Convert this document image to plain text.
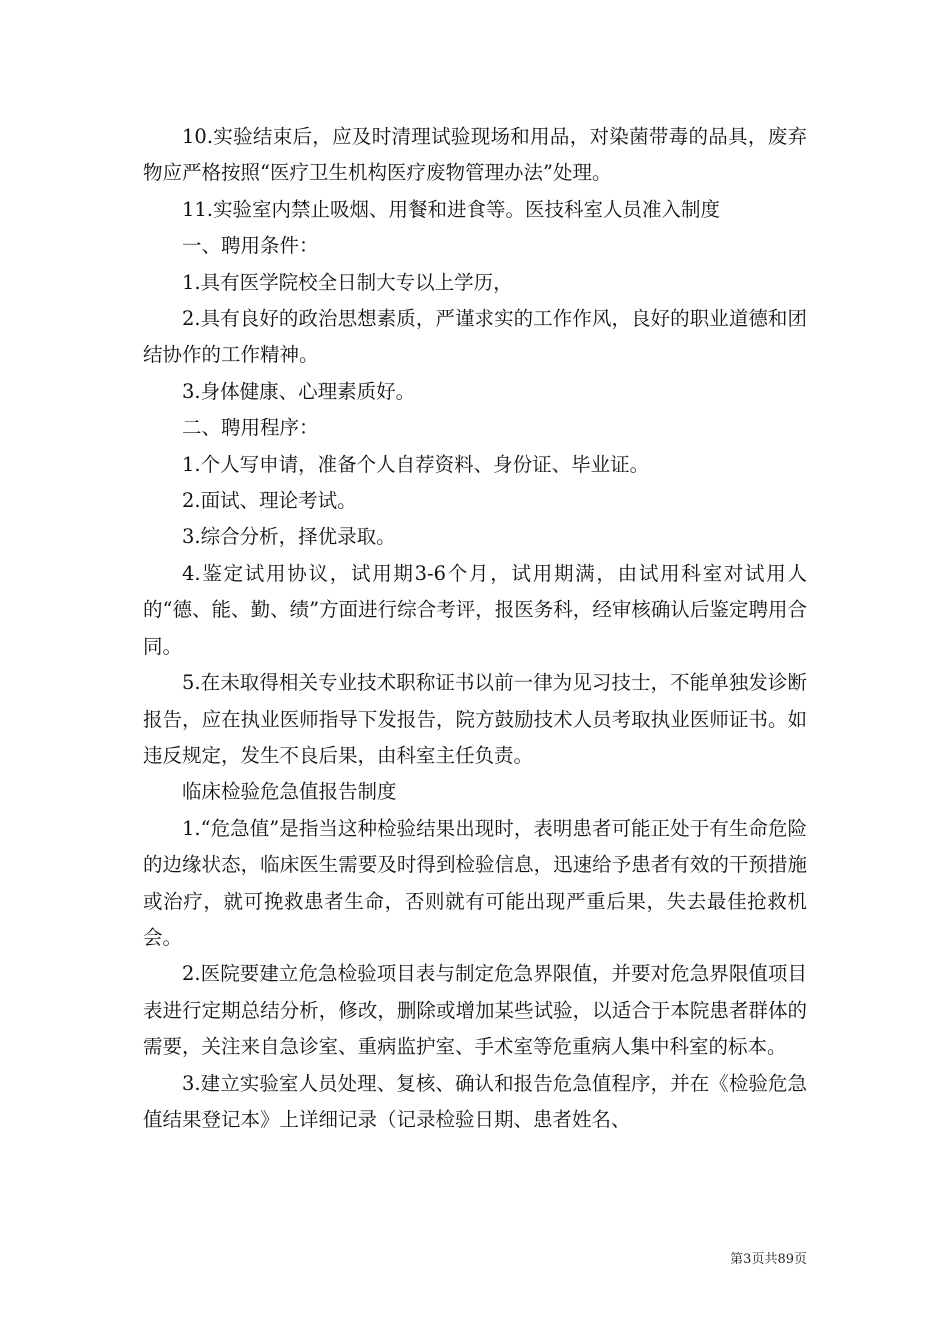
10.实验结束后，应及时清理试验现场和用品，对染菌带毒的品具，废弃物应严格按照“医疗卫生机构医疗废物管理办法”处理。

11.实验室内禁止吸烟、用餐和进食等。医技科室人员准入制度

一、聘用条件：

1.具有医学院校全日制大专以上学历，

2.具有良好的政治思想素质，严谨求实的工作作风，良好的职业道德和团结协作的工作精神。

3.身体健康、心理素质好。

二、聘用程序：

1.个人写申请，准备个人自荐资料、身份证、毕业证。

2.面试、理论考试。

3.综合分析，择优录取。

4.鉴定试用协议，试用期3-6个月，试用期满，由试用科室对试用人的“德、能、勤、绩”方面进行综合考评，报医务科，经审核确认后鉴定聘用合同。

5.在未取得相关专业技术职称证书以前一律为见习技士，不能单独发诊断报告，应在执业医师指导下发报告，院方鼓励技术人员考取执业医师证书。如违反规定，发生不良后果，由科室主任负责。

临床检验危急值报告制度

1.“危急值”是指当这种检验结果出现时，表明患者可能正处于有生命危险的边缘状态，临床医生需要及时得到检验信息，迅速给予患者有效的干预措施或治疗，就可挽救患者生命，否则就有可能出现严重后果，失去最佳抢救机会。

2.医院要建立危急检验项目表与制定危急界限值，并要对危急界限值项目表进行定期总结分析，修改，删除或增加某些试验，以适合于本院患者群体的需要，关注来自急诊室、重病监护室、手术室等危重病人集中科室的标本。

3.建立实验室人员处理、复核、确认和报告危急值程序，并在《检验危急值结果登记本》上详细记录（记录检验日期、患者姓名、

第3页共89页
